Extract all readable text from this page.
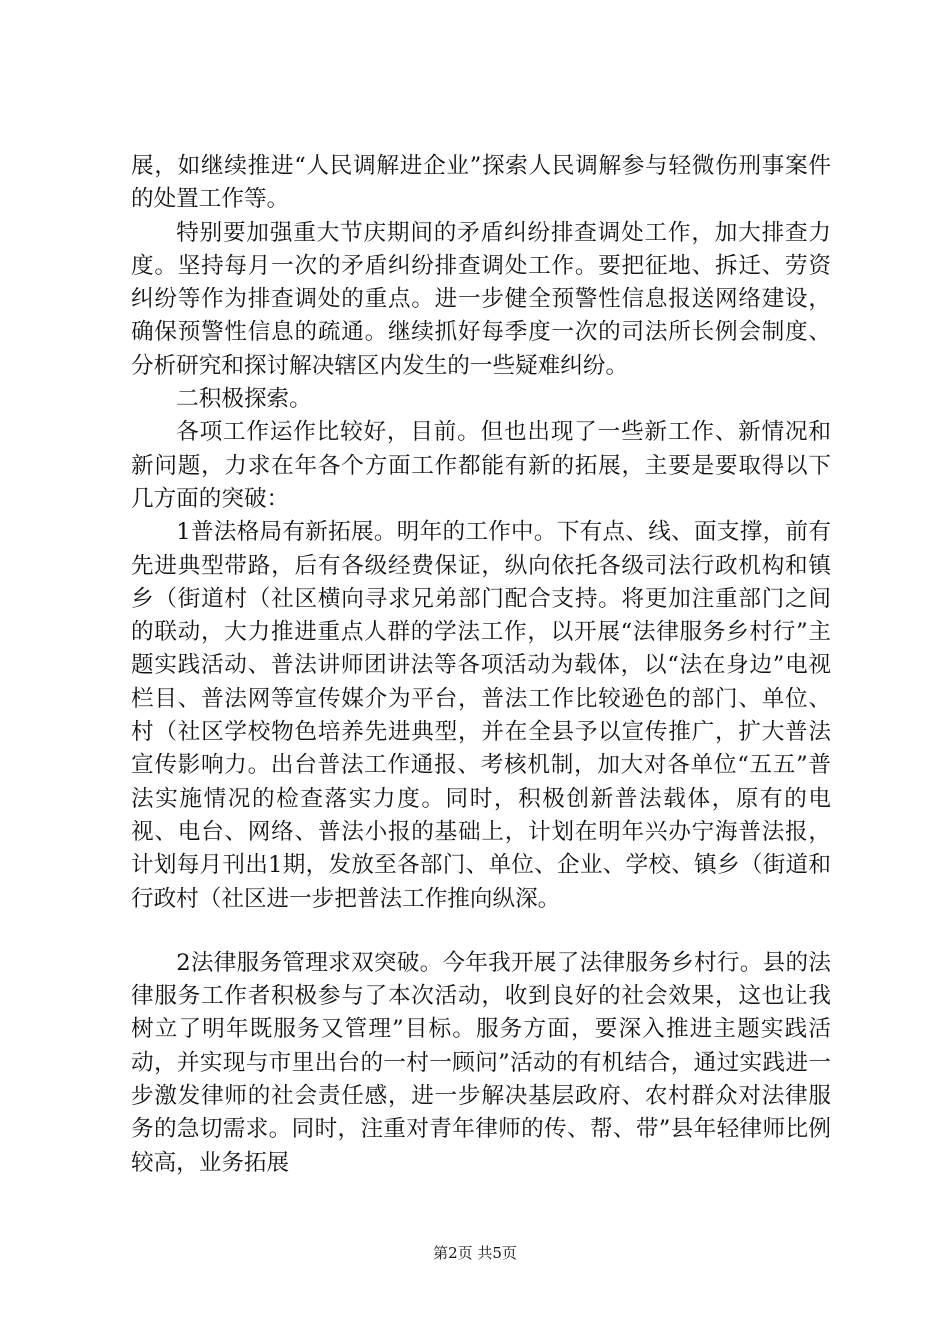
展，如继续推进“人民调解进企业”探索人民调解参与轻微伤刑事案件的处置工作等。

特别要加强重大节庆期间的矛盾纠纷排查调处工作，加大排查力度。坚持每月一次的矛盾纠纷排查调处工作。要把征地、拆迁、劳资纠纷等作为排查调处的重点。进一步健全预警性信息报送网络建设，确保预警性信息的疏通。继续抓好每季度一次的司法所长例会制度、分析研究和探讨解决辖区内发生的一些疑难纠纷。

二积极探索。

各项工作运作比较好，目前。但也出现了一些新工作、新情况和新问题，力求在年各个方面工作都能有新的拓展，主要是要取得以下几方面的突破：

1普法格局有新拓展。明年的工作中。下有点、线、面支撑，前有先进典型带路，后有各级经费保证，纵向依托各级司法行政机构和镇乡（街道村（社区横向寻求兄弟部门配合支持。将更加注重部门之间的联动，大力推进重点人群的学法工作，以开展“法律服务乡村行”主题实践活动、普法讲师团讲法等各项活动为载体，以“法在身边”电视栏目、普法网等宣传媒介为平台，普法工作比较逊色的部门、单位、村（社区学校物色培养先进典型，并在全县予以宣传推广，扩大普法宣传影响力。出台普法工作通报、考核机制，加大对各单位“五五”普法实施情况的检查落实力度。同时，积极创新普法载体，原有的电视、电台、网络、普法小报的基础上，计划在明年兴办宁海普法报，计划每月刊出1期，发放至各部门、单位、企业、学校、镇乡（街道和行政村（社区进一步把普法工作推向纵深。

2法律服务管理求双突破。今年我开展了法律服务乡村行。县的法律服务工作者积极参与了本次活动，收到良好的社会效果，这也让我树立了明年既服务又管理”目标。服务方面，要深入推进主题实践活动，并实现与市里出台的一村一顾问”活动的有机结合，通过实践进一步激发律师的社会责任感，进一步解决基层政府、农村群众对法律服务的急切需求。同时，注重对青年律师的传、帮、带”县年轻律师比例较高，业务拓展

第2页 共5页
